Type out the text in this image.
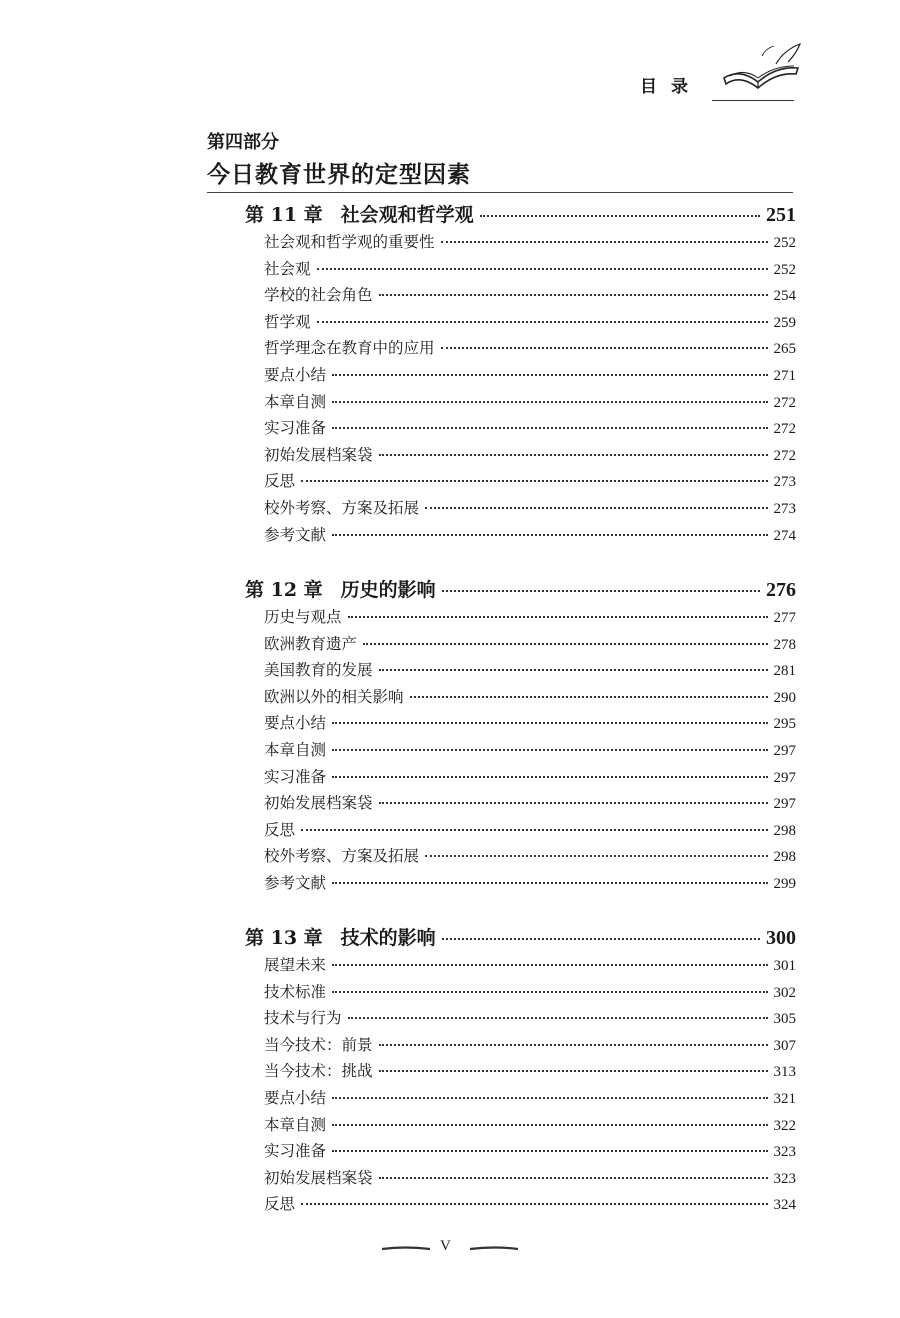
目录
第四部分
今日教育世界的定型因素
第 11 章 社会观和哲学观	251
社会观和哲学观的重要性	252
社会观	252
学校的社会角色	254
哲学观	259
哲学理念在教育中的应用	265
要点小结	271
本章自测	272
实习准备	272
初始发展档案袋	272
反思	273
校外考察、方案及拓展	273
参考文献	274
第 12 章 历史的影响	276
历史与观点	277
欧洲教育遗产	278
美国教育的发展	281
欧洲以外的相关影响	290
要点小结	295
本章自测	297
实习准备	297
初始发展档案袋	297
反思	298
校外考察、方案及拓展	298
参考文献	299
第 13 章 技术的影响	300
展望未来	301
技术标准	302
技术与行为	305
当今技术：前景	307
当今技术：挑战	313
要点小结	321
本章自测	322
实习准备	323
初始发展档案袋	323
反思	324
V
